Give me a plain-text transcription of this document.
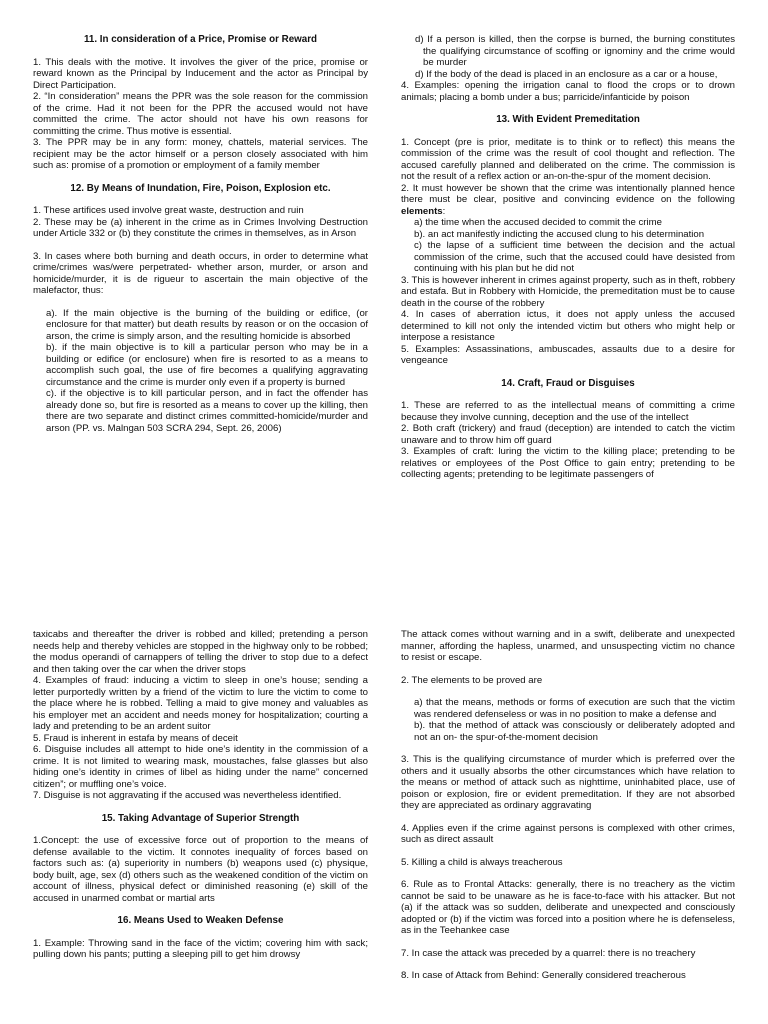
11. In consideration of a Price, Promise or Reward

1. This deals with the motive. It involves the giver of the price, promise or reward known as the Principal by Inducement and the actor as Principal by Direct Participation.

2. “In consideration” means the PPR was the sole reason for the commission of the crime. Had it not been for the PPR the accused would not have committed the crime. The actor should not have his own reasons for committing the crime. Thus motive is essential.

3. The PPR may be in any form: money, chattels, material services. The recipient may be the actor himself or a person closely associated with him such as: promise of a promotion or employment of a family member

12. By Means of Inundation, Fire, Poison, Explosion etc.

1. These artifices used involve great waste, destruction and ruin

2. These may be (a) inherent in the crime as in Crimes Involving Destruction under Article 332 or (b) they constitute the crimes in themselves, as in Arson

3. In cases where both burning and death occurs, in order to determine what crime/crimes was/were perpetrated- whether arson, murder, or arson and homicide/murder, it is de rigueur to ascertain the main objective of the malefactor, thus:

a). If the main objective is the burning of the building or edifice, (or enclosure for that matter) but death results by reason or on the occasion of arson, the crime is simply arson, and the resulting homicide is absorbed

b). if the main objective is to kill a particular person who may be in a building or edifice (or enclosure) when fire is resorted to as a means to accomplish such goal, the use of fire becomes a qualifying aggravating circumstance and the crime is murder only even if a property is burned

c). if the objective is to kill particular person, and in fact the offender has already done so, but fire is resorted as a means to cover up the killing, then there are two separate and distinct crimes committed-homicide/murder and arson (PP. vs. Malngan 503 SCRA 294, Sept. 26, 2006)

d) If a person is killed, then the corpse is burned, the burning constitutes the qualifying circumstance of scoffing or ignominy and the crime would be murder

d) If the body of the dead is placed in an enclosure as a car or a house,

4. Examples: opening the irrigation canal to flood the crops or to drown animals; placing a bomb under a bus; parricide/infanticide by poison

13. With Evident Premeditation

1. Concept (pre is prior, meditate is to think or to reflect) this means the commission of the crime was the result of cool thought and reflection. The accused carefully planned and deliberated on the crime. The commission is not the result of a reflex action or an-on-the-spur of the moment decision.

2. It must however be shown that the crime was intentionally planned hence there must be clear, positive and convincing evidence on the following elements:

a) the time when the accused decided to commit the crime

b). an act manifestly indicting the accused clung to his determination

c) the lapse of a sufficient time between the decision and the actual commission of the crime, such that the accused could have desisted from continuing with his plan but he did not

3. This is however inherent in crimes against property, such as in theft, robbery and estafa. But in Robbery with Homicide, the premeditation must be to cause death in the course of the robbery

4. In cases of aberration ictus, it does not apply unless the accused determined to kill not only the intended victim but others who might help or interpose a resistance

5. Examples: Assassinations, ambuscades, assaults due to a desire for vengeance

14. Craft, Fraud or Disguises

1. These are referred to as the intellectual means of committing a crime because they involve cunning, deception and the use of the intellect

2. Both craft (trickery) and fraud (deception) are intended to catch the victim unaware and to throw him off guard

3. Examples of craft: luring the victim to the killing place; pretending to be relatives or employees of the Post Office to gain entry; pretending to be collecting agents; pretending to be legitimate passengers of

taxicabs and thereafter the driver is robbed and killed; pretending a person needs help and thereby vehicles are stopped in the highway only to be robbed; the modus operandi of carnappers of telling the driver to stop due to a defect and then taking over the car when the driver stops

4. Examples of fraud: inducing a victim to sleep in one’s house; sending a letter purportedly written by a friend of the victim to lure the victim to come to the place where he is robbed. Telling a maid to give money and valuables as his employer met an accident and needs money for hospitalization; courting a lady and pretending to be an ardent suitor

5. Fraud is inherent in estafa by means of deceit

6. Disguise includes all attempt to hide one’s identity in the commission of a crime. It is not limited to wearing mask, moustaches, false glasses but also hiding one’s identity in crimes of libel as hiding under the name” concerned citizen”; or muffling one’s voice.

7. Disguise is not aggravating if the accused was nevertheless identified.

15. Taking Advantage of Superior Strength

1.Concept: the use of excessive force out of proportion to the means of defense available to the victim. It connotes inequality of forces based on factors such as: (a) superiority in numbers (b) weapons used (c) physique, body built, age, sex (d) others such as the weakened condition of the victim on account of illness, physical defect or diminished reasoning (e) skill of the accused in unarmed combat or martial arts

16. Means Used to Weaken Defense

1. Example: Throwing sand in the face of the victim; covering him with sack; pulling down his pants; putting a sleeping pill to get him drowsy

The attack comes without warning and in a swift, deliberate and unexpected manner, affording the hapless, unarmed, and unsuspecting victim no chance to resist or escape.

2. The elements to be proved are

a) that the means, methods or forms of execution are such that the victim was rendered defenseless or was in no position to make a defense and

b). that the method of attack was consciously or deliberately adopted and not an on- the spur-of-the-moment decision

3. This is the qualifying circumstance of murder which is preferred over the others and it usually absorbs the other circumstances which have relation to the means or method of attack such as nighttime, uninhabited place, use of poison or explosion, fire or evident premeditation. If they are not absorbed they are appreciated as ordinary aggravating

4. Applies even if the crime against persons is complexed with other crimes, such as direct assault

5. Killing a child is always treacherous

6. Rule as to Frontal Attacks: generally, there is no treachery as the victim cannot be said to be unaware as he is face-to-face with his attacker. But not (a) if the attack was so sudden, deliberate and unexpected and consciously adopted or (b) if the victim was forced into a position where he is defenseless, as in the Teehankee case

7. In case the attack was preceded by a quarrel: there is no treachery

8. In case of Attack from Behind: Generally considered treacherous
